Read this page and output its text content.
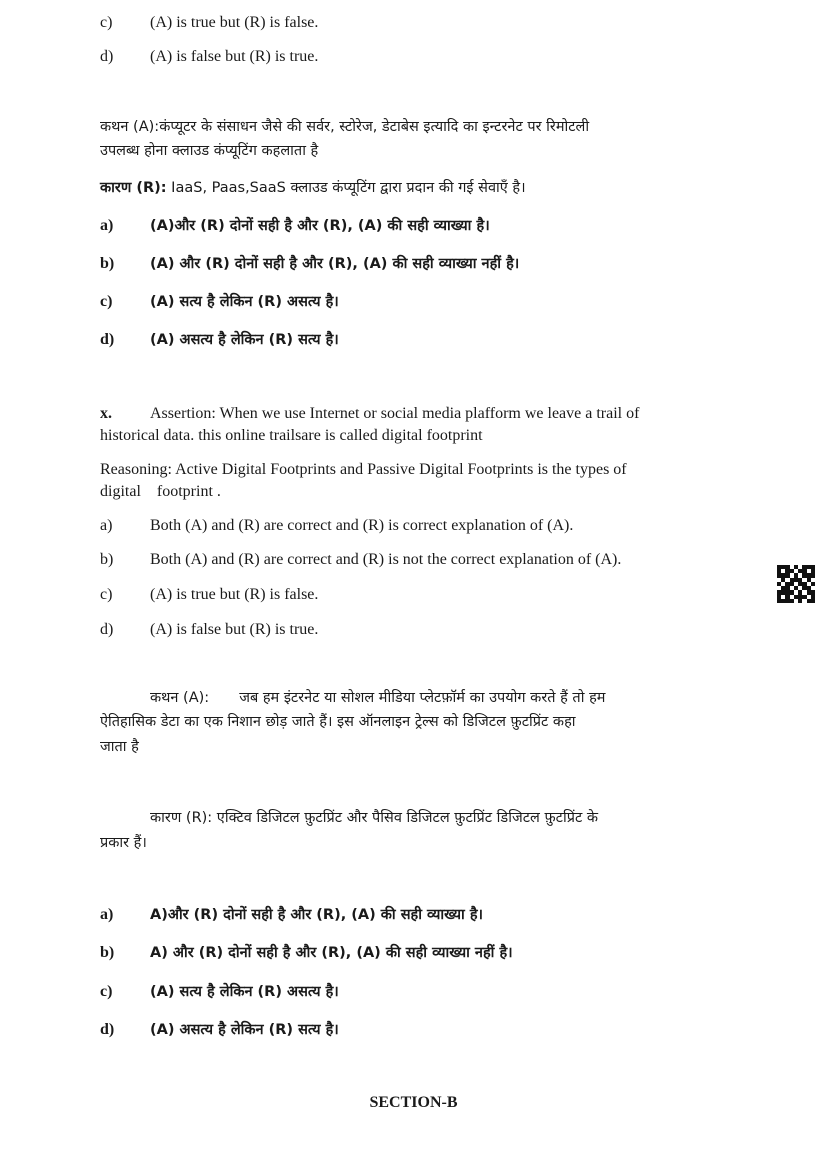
c) (A) is true but (R) is false.
d) (A) is false but (R) is true.
कथन (A):कंप्यूटर के संसाधन जैसे की सर्वर, स्टोरेज, डेटाबेस इत्यादि का इन्टरनेट पर रिमोटली
उपलब्ध होना क्लाउड कंप्यूटिंग कहलाता है
कारण (R): IaaS, Paas,SaaS क्लाउड कंप्यूटिंग द्वारा प्रदान की गई सेवाएँ है।
a)	(A)और (R) दोनों सही है और (R), (A) की सही व्याख्या है।
b) (A) और (R) दोनों सही है और (R), (A) की सही व्याख्या नहीं है।
c)	(A) सत्य है लेकिन (R) असत्य है।
d) (A) असत्य है लेकिन (R) सत्य है।
x. Assertion: When we use Internet or social media plafform we leave a trail of
historical data. this online trailsare is called digital footprint
Reasoning: Active Digital Footprints and Passive Digital Footprints is the types of
digital footprint .
a) Both (A) and (R) are correct and (R) is correct explanation of (A).
b) Both (A) and (R) are correct and (R) is not the correct explanation of (A).
c) (A) is true but (R) is false.
d) (A) is false but (R) is true.
कथन (A): जब हम इंटरनेट या सोशल मीडिया प्लेटफ़ॉर्म का उपयोग करते हैं तो हम
ऐतिहासिक डेटा का एक निशान छोड़ जाते हैं। इस ऑनलाइन ट्रेल्स को डिजिटल फ़ुटप्रिंट कहा
जाता है
कारण (R): एक्टिव डिजिटल फ़ुटप्रिंट और पैसिव डिजिटल फ़ुटप्रिंट डिजिटल फ़ुटप्रिंट के
प्रकार हैं।
a)	A)और (R) दोनों सही है और (R), (A) की सही व्याख्या है।
b) A) और (R) दोनों सही है और (R), (A) की सही व्याख्या नहीं है।
c)	(A) सत्य है लेकिन (R) असत्य है।
d) (A) असत्य है लेकिन (R) सत्य है।
SECTION-B
